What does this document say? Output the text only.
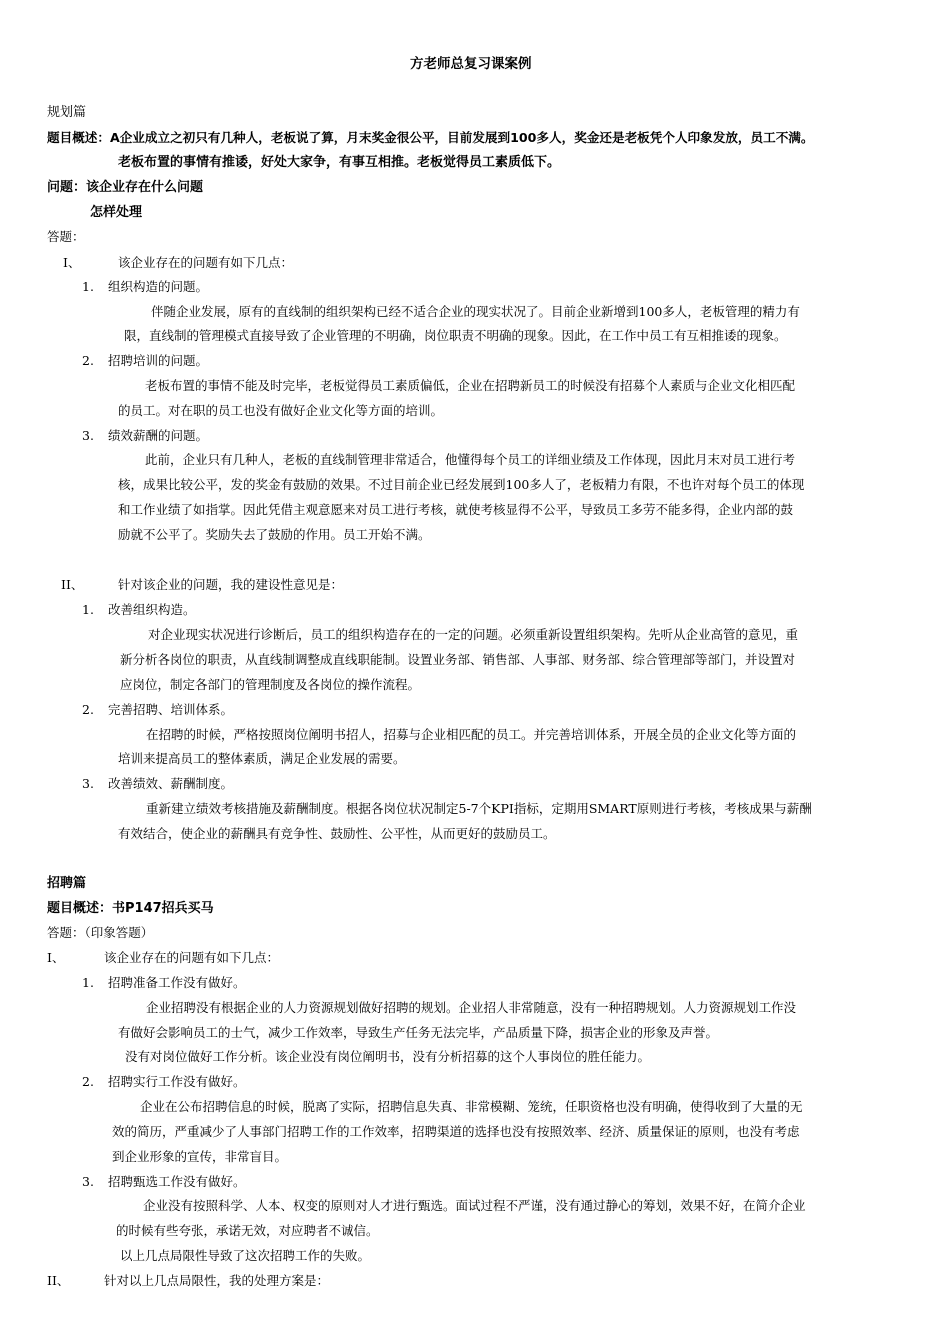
方老师总复习课案例
规划篇
题目概述：A企业成立之初只有几种人，老板说了算，月末奖金很公平，目前发展到100多人，奖金还是老板凭个人印象发放，员工不满。
老板布置的事情有推诿，好处大家争，有事互相推。老板觉得员工素质低下。
问题：该企业存在什么问题
怎样处理
答题：
I、	该企业存在的问题有如下几点：
1. 组织构造的问题。
伴随企业发展，原有的直线制的组织架构已经不适合企业的现实状况了。目前企业新增到100多人，老板管理的精力有
限，直线制的管理模式直接导致了企业管理的不明确，岗位职责不明确的现象。因此，在工作中员工有互相推诿的现象。
2. 招聘培训的问题。
老板布置的事情不能及时完毕，老板觉得员工素质偏低，企业在招聘新员工的时候没有招募个人素质与企业文化相匹配
的员工。对在职的员工也没有做好企业文化等方面的培训。
3. 绩效薪酬的问题。
此前，企业只有几种人，老板的直线制管理非常适合，他懂得每个员工的详细业绩及工作体现，因此月末对员工进行考
核，成果比较公平，发的奖金有鼓励的效果。不过目前企业已经发展到100多人了，老板精力有限，不也许对每个员工的体现
和工作业绩了如指掌。因此凭借主观意愿来对员工进行考核，就使考核显得不公平，导致员工多劳不能多得，企业内部的鼓
励就不公平了。奖励失去了鼓励的作用。员工开始不满。
II、	针对该企业的问题，我的建设性意见是：
1. 改善组织构造。
对企业现实状况进行诊断后，员工的组织构造存在的一定的问题。必须重新设置组织架构。先听从企业高管的意见，重
新分析各岗位的职责，从直线制调整成直线职能制。设置业务部、销售部、人事部、财务部、综合管理部等部门，并设置对
应岗位，制定各部门的管理制度及各岗位的操作流程。
2. 完善招聘、培训体系。
在招聘的时候，严格按照岗位阐明书招人，招募与企业相匹配的员工。并完善培训体系，开展全员的企业文化等方面的
培训来提高员工的整体素质，满足企业发展的需要。
3. 改善绩效、薪酬制度。
重新建立绩效考核措施及薪酬制度。根据各岗位状况制定5-7个KPI指标，定期用SMART原则进行考核，考核成果与薪酬
有效结合，使企业的薪酬具有竞争性、鼓励性、公平性，从而更好的鼓励员工。
招聘篇
题目概述：书P147招兵买马
答题：（印象答题）
I、	该企业存在的问题有如下几点：
1. 招聘准备工作没有做好。
企业招聘没有根据企业的人力资源规划做好招聘的规划。企业招人非常随意，没有一种招聘规划。人力资源规划工作没
有做好会影响员工的士气，减少工作效率，导致生产任务无法完毕，产品质量下降，损害企业的形象及声誉。
没有对岗位做好工作分析。该企业没有岗位阐明书，没有分析招募的这个人事岗位的胜任能力。
2. 招聘实行工作没有做好。
企业在公布招聘信息的时候，脱离了实际，招聘信息失真、非常模糊、笼统，任职资格也没有明确，使得收到了大量的无
效的简历，严重减少了人事部门招聘工作的工作效率，招聘渠道的选择也没有按照效率、经济、质量保证的原则，也没有考虑
到企业形象的宣传，非常盲目。
3. 招聘甄选工作没有做好。
企业没有按照科学、人本、权变的原则对人才进行甄选。面试过程不严谨，没有通过静心的筹划，效果不好，在简介企业
的时候有些夸张，承诺无效，对应聘者不诚信。
以上几点局限性导致了这次招聘工作的失败。
II、	针对以上几点局限性，我的处理方案是：
